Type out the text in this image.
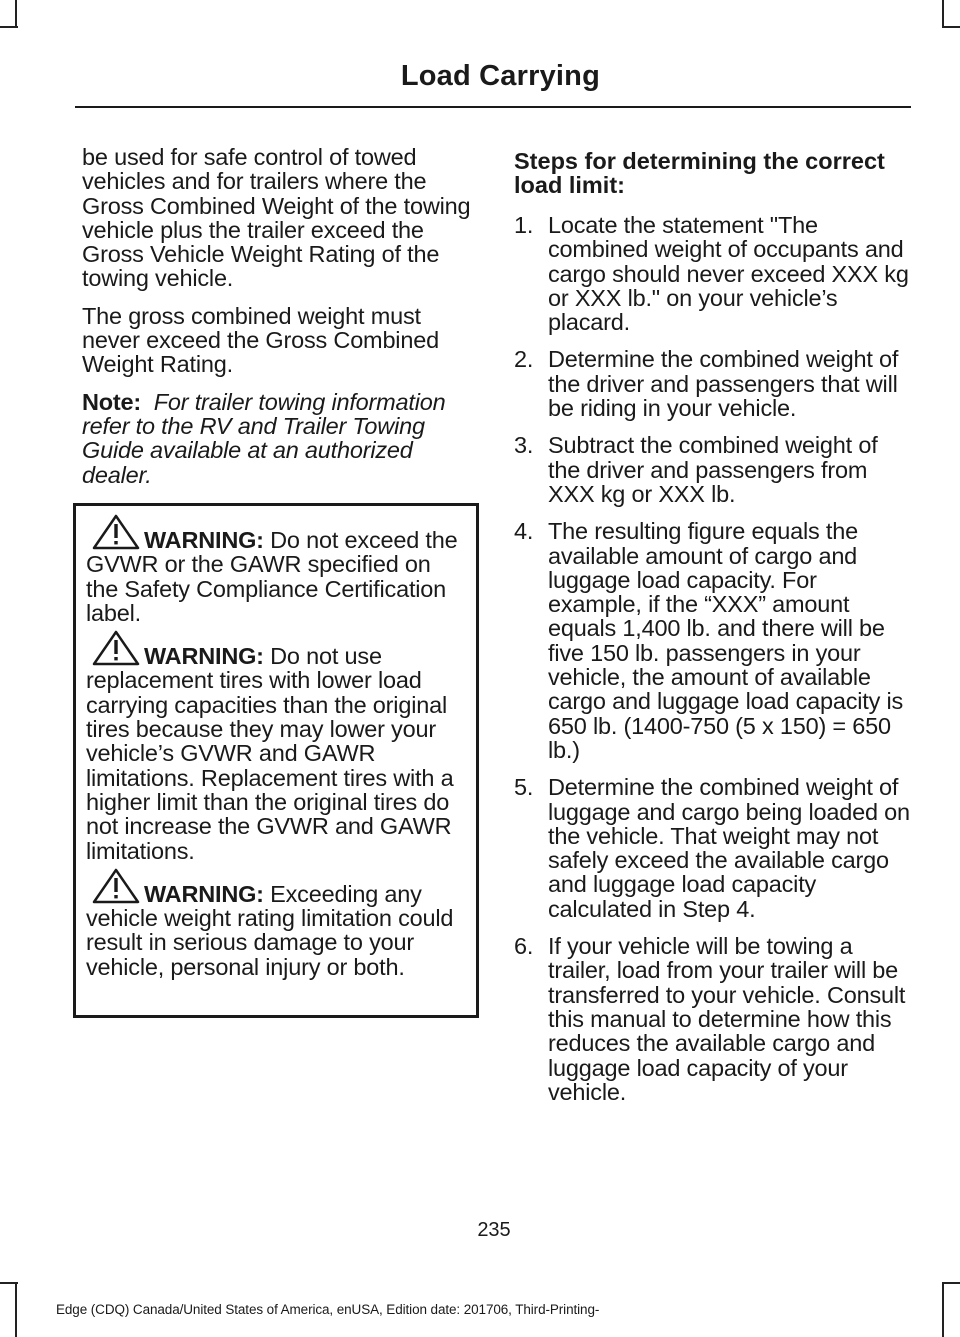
Load Carrying

be used for safe control of towed vehicles and for trailers where the Gross Combined Weight of the towing vehicle plus the trailer exceed the Gross Vehicle Weight Rating of the towing vehicle.

The gross combined weight must never exceed the Gross Combined Weight Rating.

Note: For trailer towing information refer to the RV and Trailer Towing Guide available at an authorized dealer.

WARNING: Do not exceed the GVWR or the GAWR specified on the Safety Compliance Certification label.

WARNING: Do not use replacement tires with lower load carrying capacities than the original tires because they may lower your vehicle’s GVWR and GAWR limitations. Replacement tires with a higher limit than the original tires do not increase the GVWR and GAWR limitations.

WARNING: Exceeding any vehicle weight rating limitation could result in serious damage to your vehicle, personal injury or both.

Steps for determining the correct load limit:
1. Locate the statement "The combined weight of occupants and cargo should never exceed XXX kg or XXX lb." on your vehicle’s placard.
2. Determine the combined weight of the driver and passengers that will be riding in your vehicle.
3. Subtract the combined weight of the driver and passengers from XXX kg or XXX lb.
4. The resulting figure equals the available amount of cargo and luggage load capacity. For example, if the “XXX” amount equals 1,400 lb. and there will be five 150 lb. passengers in your vehicle, the amount of available cargo and luggage load capacity is 650 lb. (1400-750 (5 x 150) = 650 lb.)
5. Determine the combined weight of luggage and cargo being loaded on the vehicle. That weight may not safely exceed the available cargo and luggage load capacity calculated in Step 4.
6. If your vehicle will be towing a trailer, load from your trailer will be transferred to your vehicle. Consult this manual to determine how this reduces the available cargo and luggage load capacity of your vehicle.
235
Edge (CDQ) Canada/United States of America, enUSA, Edition date: 201706, Third-Printing-
